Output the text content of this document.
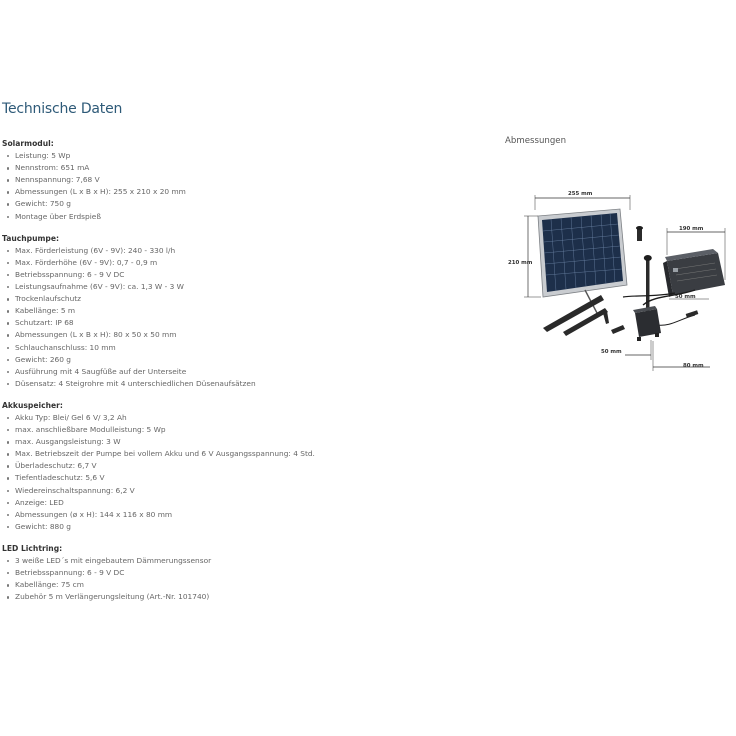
Technische Daten
Solarmodul:
Leistung: 5 Wp
Nennstrom: 651 mA
Nennspannung: 7,68 V
Abmessungen (L x B x H): 255 x 210 x 20 mm
Gewicht: 750 g
Montage über Erdspieß
Tauchpumpe:
Max. Förderleistung (6V - 9V): 240 - 330 l/h
Max. Förderhöhe (6V - 9V): 0,7 - 0,9 m
Betriebsspannung: 6 - 9 V DC
Leistungsaufnahme (6V - 9V): ca. 1,3 W - 3 W
Trockenlaufschutz
Kabellänge: 5 m
Schutzart: IP 68
Abmessungen (L x B x H): 80 x 50 x 50 mm
Schlauchanschluss: 10 mm
Gewicht: 260 g
Ausführung mit 4 Saugfüße auf der Unterseite
Düsensatz: 4 Steigrohre mit 4 unterschiedlichen Düsenaufsätzen
Akkuspeicher:
Akku Typ: Blei/ Gel 6 V/ 3,2 Ah
max. anschließbare Modulleistung: 5 Wp
max. Ausgangsleistung: 3 W
Max. Betriebszeit der Pumpe bei vollem Akku und 6 V Ausgangsspannung: 4 Std.
Überladeschutz: 6,7 V
Tiefentladeschutz: 5,6 V
Wiedereinschaltspannung: 6,2 V
Anzeige: LED
Abmessungen (ø x H): 144 x 116 x 80 mm
Gewicht: 880 g
LED Lichtring:
3 weiße LED´s mit eingebautem Dämmerungssensor
Betriebsspannung: 6 - 9 V DC
Kabellänge: 75 cm
Zubehör 5 m Verlängerungsleitung (Art.-Nr. 101740)
Abmessungen
255 mm
210 mm
190 mm
50 mm
50 mm
80 mm
